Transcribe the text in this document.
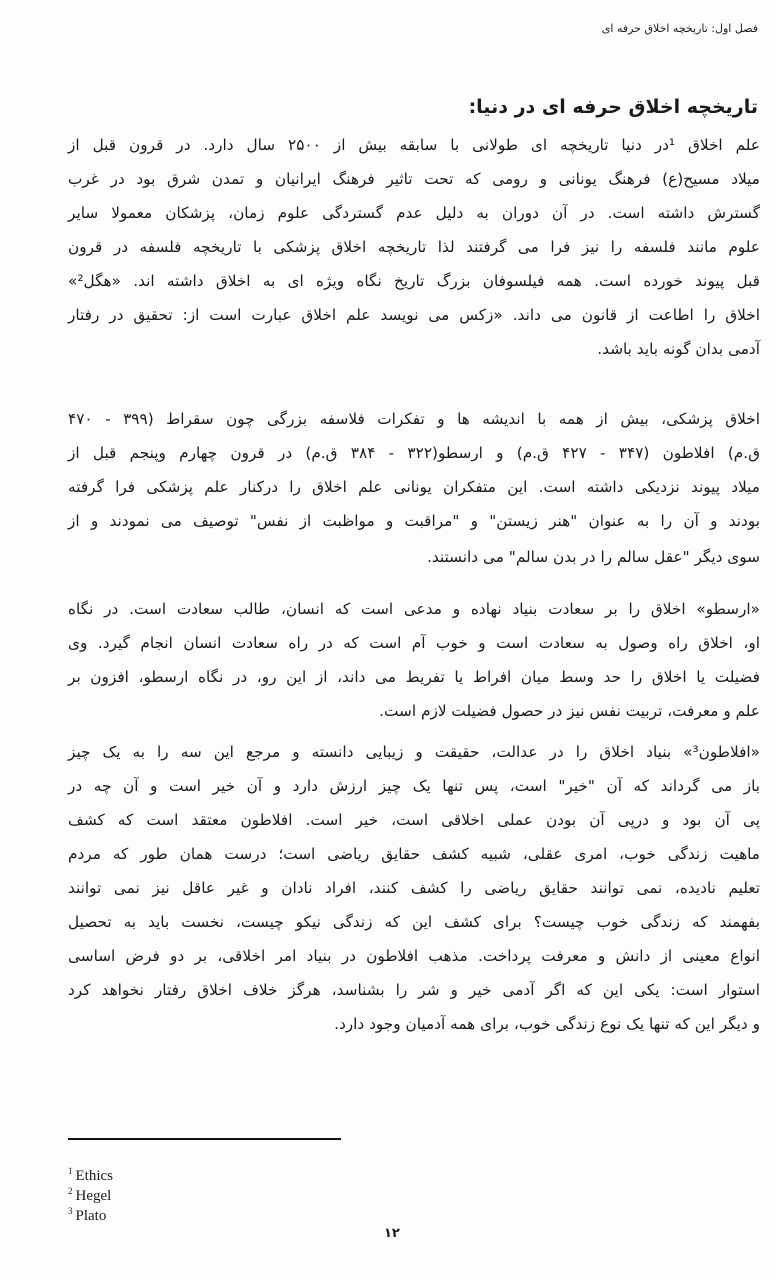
فصل اول: تاریخچه اخلاق حرفه ای
تاریخچه اخلاق حرفه ای در دنیا:
علم اخلاق ¹در دنیا تاریخچه ای طولانی با سابقه بیش از ۲۵۰۰ سال دارد. در قرون قبل از
میلاد مسیح(ع) فرهنگ یونانی و رومی که تحت تاثیر فرهنگ ایرانیان و تمدن شرق بود در غرب
گسترش داشته است. در آن دوران به دلیل عدم گستردگی علوم زمان، پزشکان معمولا سایر
علوم مانند فلسفه را نیز فرا می گرفتند لذا تاریخچه اخلاق پزشکی با تاریخچه فلسفه در قرون
قبل پیوند خورده است. همه فیلسوفان بزرگ تاریخ نگاه ویژه ای به اخلاق داشته اند. «هگل²»
اخلاق را اطاعت از قانون می داند. «زکس می نویسد علم اخلاق عبارت است از: تحقیق در رفتار
آدمی بدان گونه باید باشد.
اخلاق پزشکی، بیش از همه با اندیشه ها و تفکرات فلاسفه بزرگی چون سقراط (۳۹۹ - ۴۷۰
ق.م) افلاطون (۳۴۷ - ۴۲۷ ق.م) و ارسطو(۳۲۲ - ۳۸۴ ق.م) در قرون چهارم وپنجم قبل از
میلاد پیوند نزدیکی داشته است. این متفکران یونانی علم اخلاق را درکنار علم پزشکی فرا گرفته
بودند و آن را به عنوان "هنر زیستن" و "مراقبت و مواظبت از نفس" توصیف می نمودند و از
سوی دیگر "عقل سالم را در بدن سالم" می دانستند.
«ارسطو» اخلاق را بر سعادت بنیاد نهاده و مدعی است که انسان، طالب سعادت است. در نگاه
او، اخلاق راه وصول به سعادت است و خوب آم است که در راه سعادت انسان انجام گیرد. وی
فضیلت یا اخلاق را حد وسط میان افراط یا تفریط می داند، از این رو، در نگاه ارسطو، افزون بر
علم و معرفت، تربیت نفس نیز در حصول فضیلت لازم است.
«افلاطون³» بنیاد اخلاق را در عدالت، حقیقت و زیبایی دانسته و مرجع این سه را به یک چیز
باز می گرداند که آن "خیر" است، پس تنها یک چیز ارزش دارد و آن خیر است و آن چه در
پی آن بود و درپی آن بودن عملی اخلاقی است، خیر است. افلاطون معتقد است که کشف
ماهیت زندگی خوب، امری عقلی، شبیه کشف حقایق ریاضی است؛ درست همان طور که مردم
تعلیم نادیده، نمی توانند حقایق ریاضی را کشف کنند، افراد نادان و غیر عاقل نیز نمی توانند
بفهمند که زندگی خوب چیست؟ برای کشف این که زندگی نیکو چیست، نخست باید به تحصیل
انواع معینی از دانش و معرفت پرداخت. مذهب افلاطون در بنیاد امر اخلاقی، بر دو فرض اساسی
استوار است: یکی این که اگر آدمی خیر و شر را بشناسد، هرگز خلاف اخلاق رفتار نخواهد کرد
و دیگر این که تنها یک نوع زندگی خوب، برای همه آدمیان وجود دارد.
$^1$ Ethics
$^2$ Hegel
$^3$ Plato
۱۲
